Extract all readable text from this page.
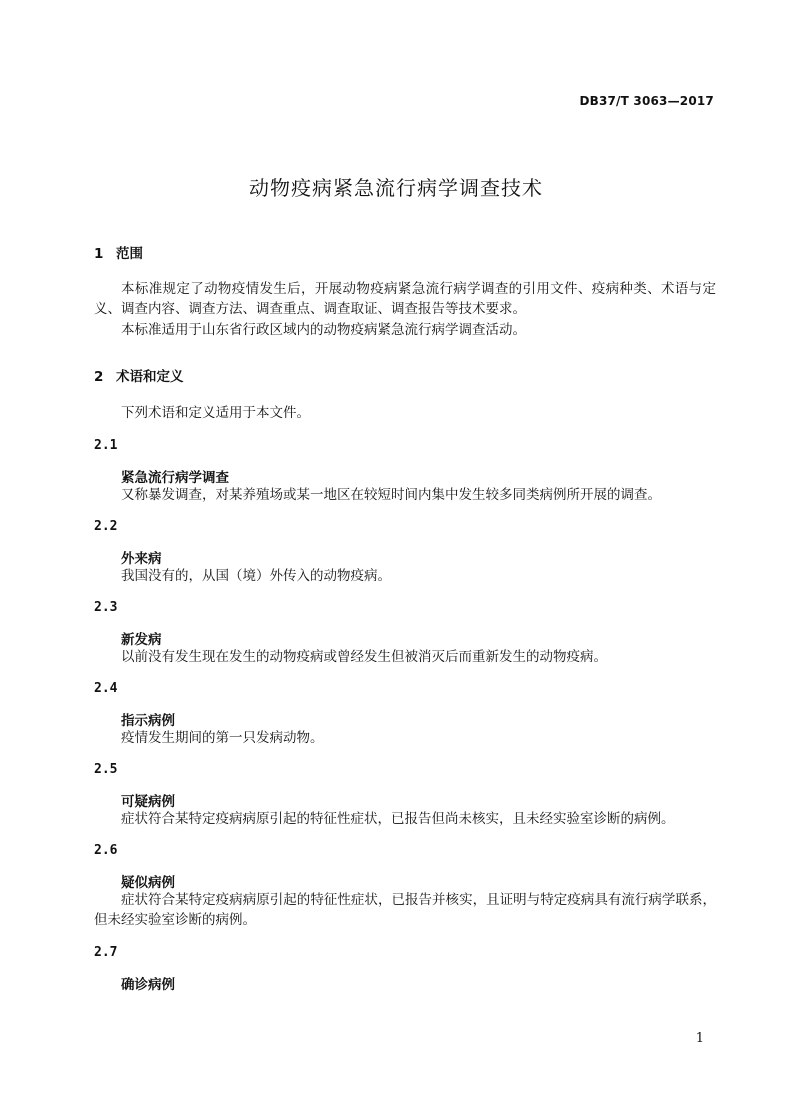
DB37/T 3063—2017
动物疫病紧急流行病学调查技术
1 范围
本标准规定了动物疫情发生后，开展动物疫病紧急流行病学调查的引用文件、疫病种类、术语与定义、调查内容、调查方法、调查重点、调查取证、调查报告等技术要求。
本标准适用于山东省行政区域内的动物疫病紧急流行病学调查活动。
2 术语和定义
下列术语和定义适用于本文件。
2.1
紧急流行病学调查
又称暴发调查，对某养殖场或某一地区在较短时间内集中发生较多同类病例所开展的调查。
2.2
外来病
我国没有的，从国（境）外传入的动物疫病。
2.3
新发病
以前没有发生现在发生的动物疫病或曾经发生但被消灭后而重新发生的动物疫病。
2.4
指示病例
疫情发生期间的第一只发病动物。
2.5
可疑病例
症状符合某特定疫病病原引起的特征性症状，已报告但尚未核实，且未经实验室诊断的病例。
2.6
疑似病例
症状符合某特定疫病病原引起的特征性症状，已报告并核实，且证明与特定疫病具有流行病学联系，但未经实验室诊断的病例。
2.7
确诊病例
1
